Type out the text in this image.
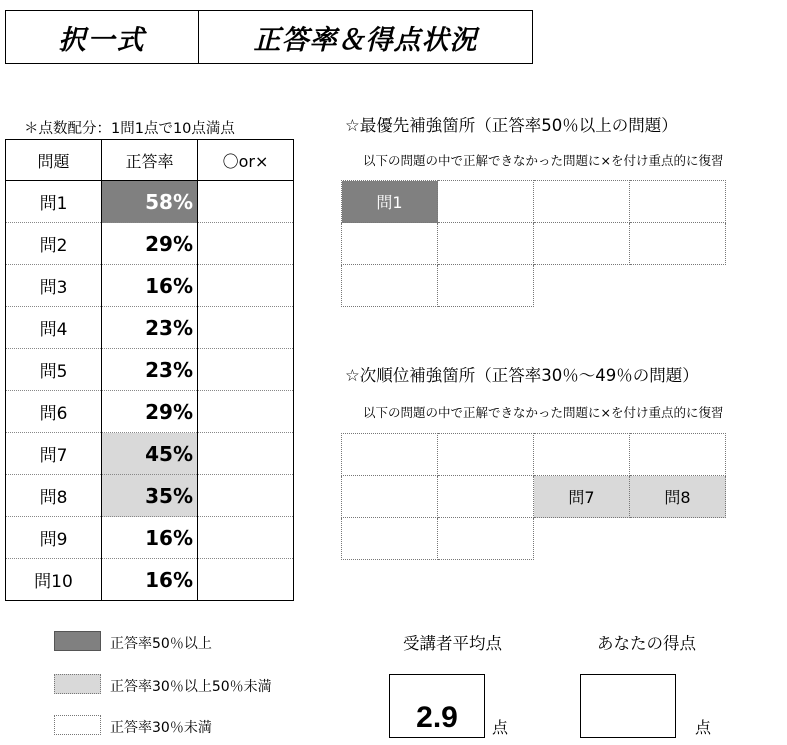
択一式	正答率＆得点状況
＊点数配分：1問1点で10点満点
問題	正答率	〇or×
問1	58%	
問2	29%	
問3	16%	
問4	23%	
問5	23%	
問6	29%	
問7	45%	
問8	35%	
問9	16%	
問10	16%	
☆最優先補強箇所（正答率50％以上の問題）
以下の問題の中で正解できなかった問題に×を付け重点的に復習
問1			

☆次順位補強箇所（正答率30％～49％の問題）
以下の問題の中で正解できなかった問題に×を付け重点的に復習

		問7	問8

正答率50％以上
正答率30％以上50％未満
正答率30％未満
受講者平均点
2.9 点
あなたの得点
点
